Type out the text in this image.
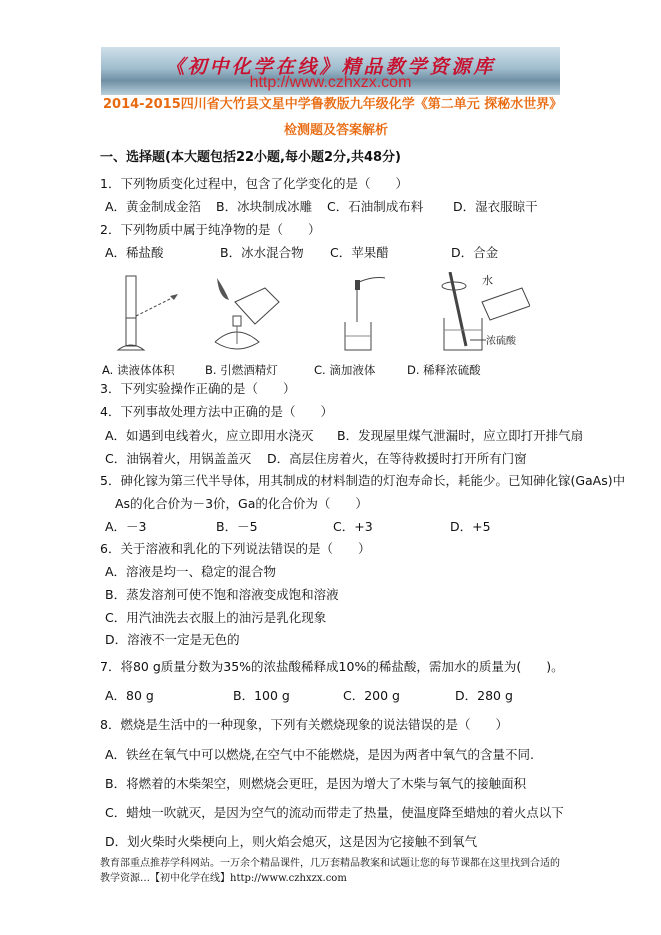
《初中化学在线》精品教学资源库
http://www.czhxzx.com
2014-2015四川省大竹县文星中学鲁教版九年级化学《第二单元 探秘水世界》
检测题及答案解析
一、选择题(本大题包括22小题,每小题2分,共48分)
1．下列物质变化过程中，包含了化学变化的是（　　）
A．黄金制成金箔 B．冰块制成冰雕 C．石油制成布料 D．湿衣服晾干
2．下列物质中属于纯净物的是（　　）
A．稀盐酸	B．冰水混合物 C．苹果醋	D．合金
水
浓硫酸
A. 读液体体积	B. 引燃酒精灯	C. 滴加液体	D. 稀释浓硫酸
3．下列实验操作正确的是（　　）
4．下列事故处理方法中正确的是（　　）
A．如遇到电线着火，应立即用水浇灭 B．发现屋里煤气泄漏时，应立即打开排气扇
C．油锅着火，用锅盖盖灭 D．高层住房着火，在等待救援时打开所有门窗
5．砷化镓为第三代半导体，用其制成的材料制造的灯泡寿命长，耗能少。已知砷化镓(GaAs)中
As的化合价为－3价，Ga的化合价为（　　）
A．－3	B．－5	C．+3	D．+5
6．关于溶液和乳化的下列说法错误的是（　　）
A．溶液是均一、稳定的混合物
B．蒸发溶剂可使不饱和溶液变成饱和溶液
C．用汽油洗去衣服上的油污是乳化现象
D．溶液不一定是无色的
7．将80 g质量分数为35%的浓盐酸稀释成10%的稀盐酸，需加水的质量为(　　)。
A．80 g	B．100 g	C．200 g	D．280 g
8．燃烧是生活中的一种现象，下列有关燃烧现象的说法错误的是（　　）
A．铁丝在氧气中可以燃烧,在空气中不能燃烧，是因为两者中氧气的含量不同.
B．将燃着的木柴架空，则燃烧会更旺，是因为增大了木柴与氧气的接触面积
C．蜡烛一吹就灭，是因为空气的流动而带走了热量，使温度降至蜡烛的着火点以下
D．划火柴时火柴梗向上，则火焰会熄灭，这是因为它接触不到氧气
教育部重点推荐学科网站。一万余个精品课件，几万套精品教案和试题让您的每节课都在这里找到合适的
教学资源…【初中化学在线】http://www.czhxzx.com
